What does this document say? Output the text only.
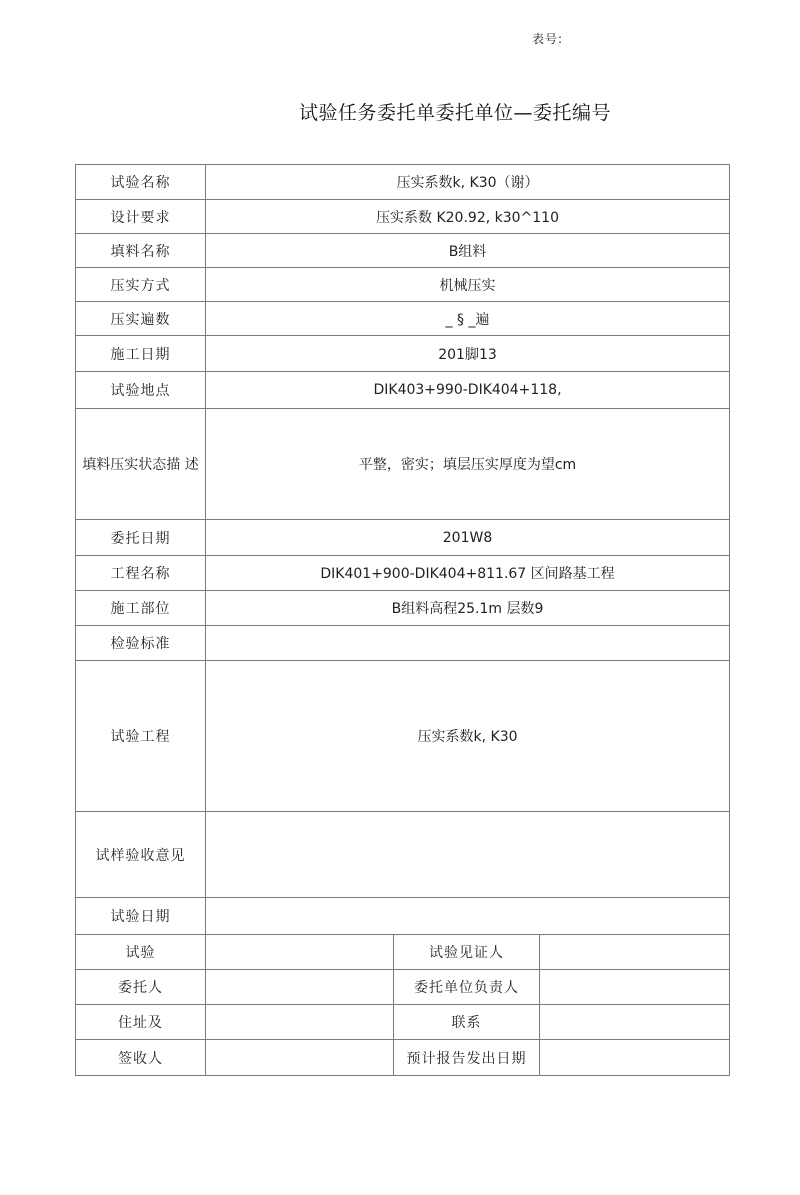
表号:
试验任务委托单委托单位—委托编号
试验名称	压实系数k, K30（谢）		
设计要求	压实系数 K20.92, k30^110		
填料名称	B组料		
压实方式	机械压实		
压实遍数	_ § _遍		
施工日期	201脚13		
试验地点	DIK403+990-DIK404+118,		
填料压实状态描 述	平整，密实；填层压实厚度为望cm		
委托日期	201W8		
工程名称	DIK401+900-DIK404+811.67 区间路基工程		
施工部位	B组料高程25.1m 层数9		
检验标准			
试验工程	压实系数k, K30		
试样验收意见			
试验日期			
试验		试验见证人	
委托人		委托单位负责人	
住址及		联系	
签收人		预计报告发出日期	
